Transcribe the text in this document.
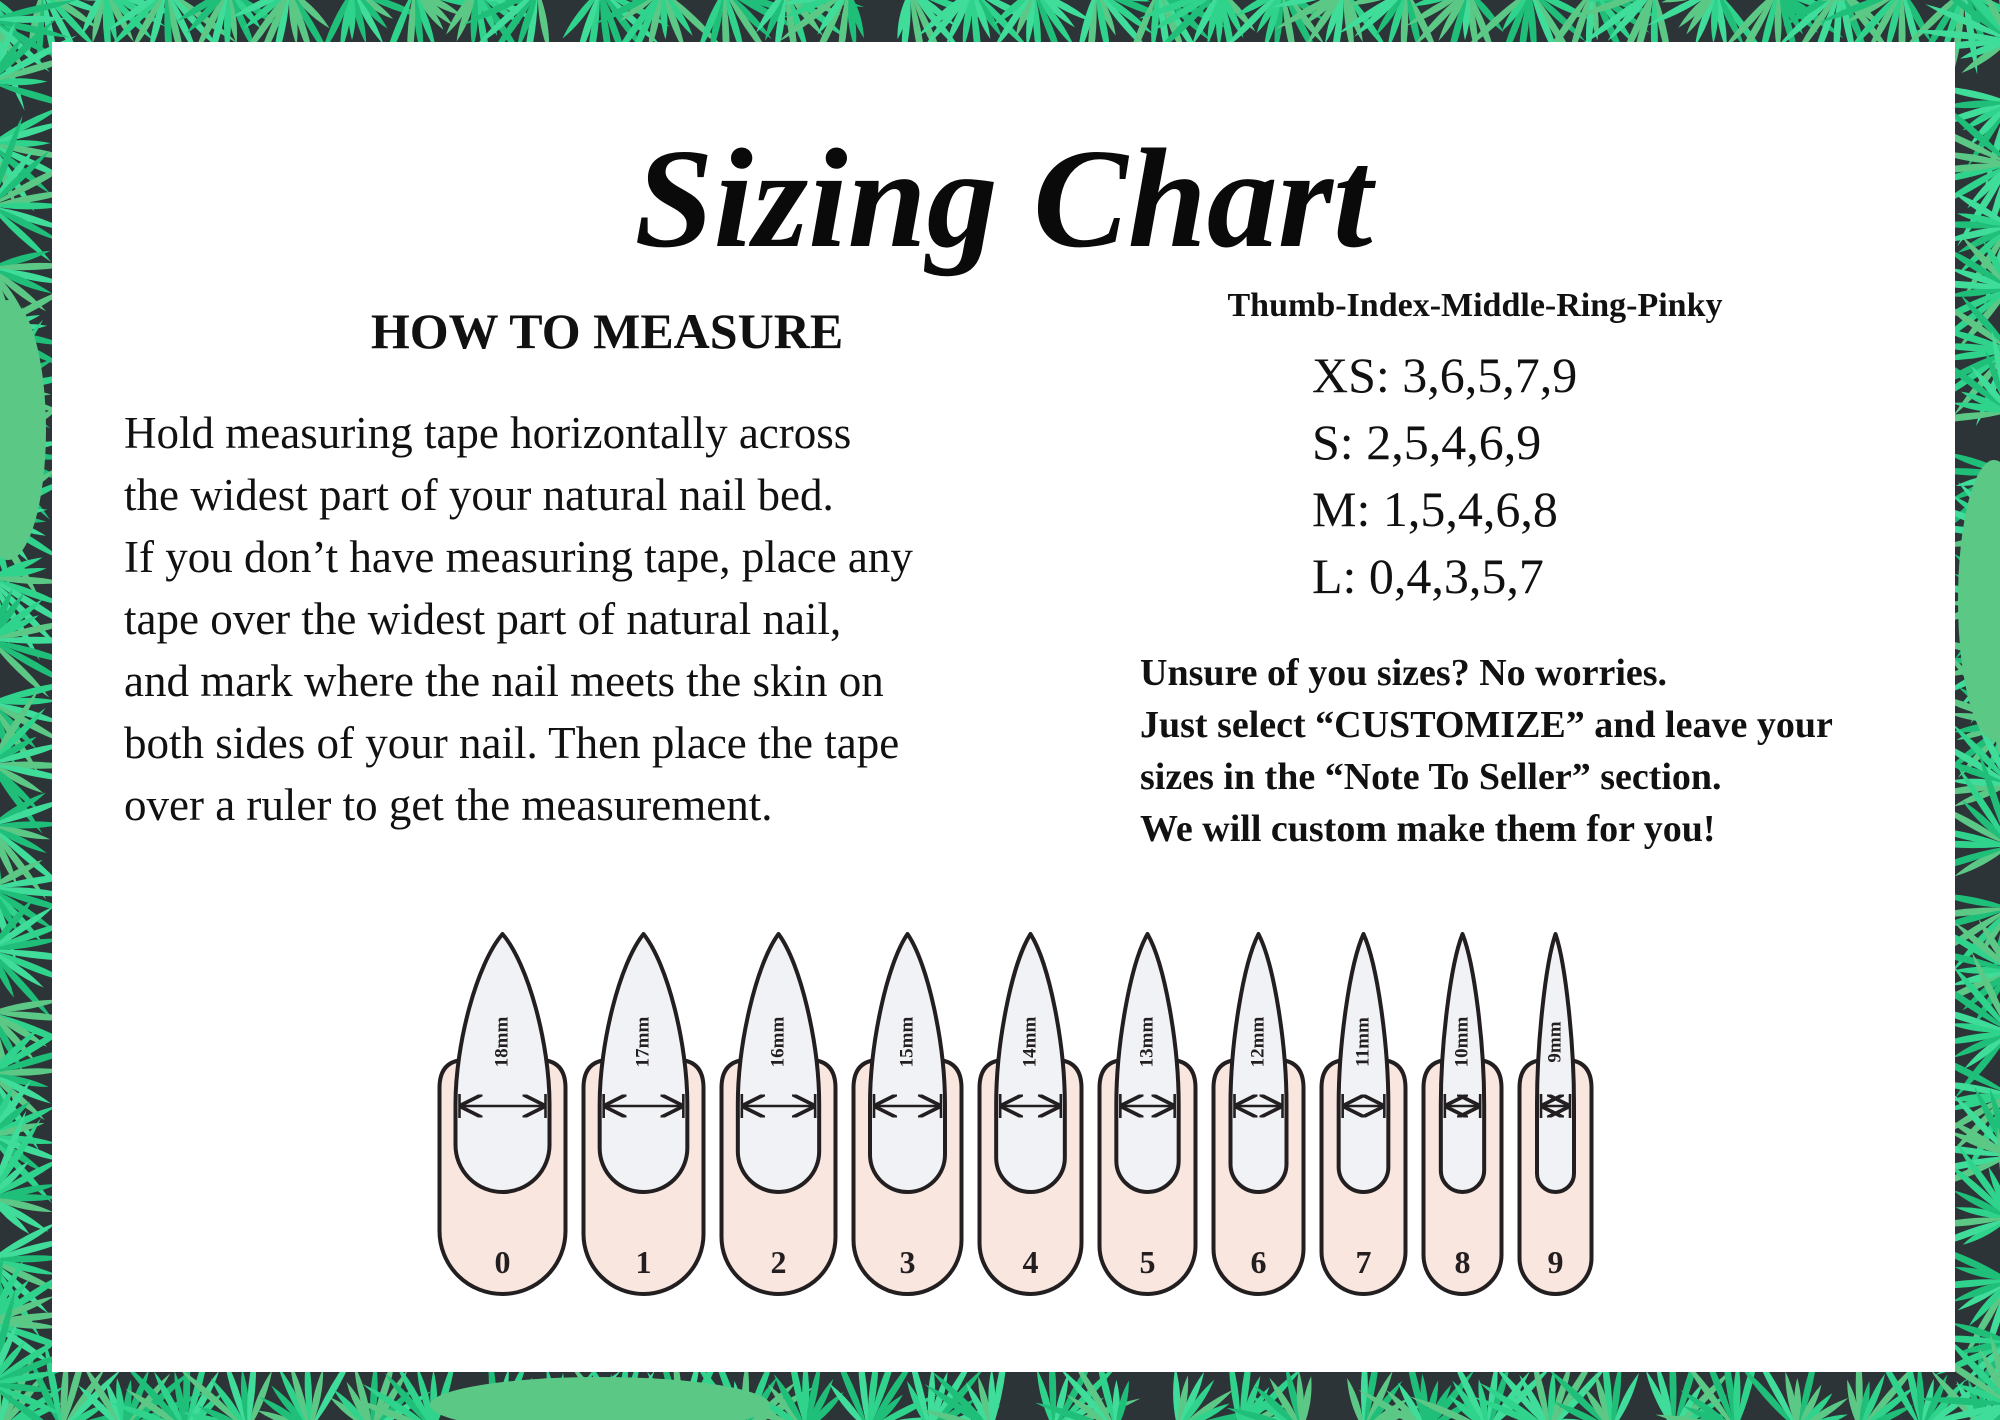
Sizing Chart
HOW TO MEASURE
Hold measuring tape horizontally across
the widest part of your natural nail bed.
If you don’t have measuring tape, place any
tape over the widest part of natural nail,
and mark where the nail meets the skin on
both sides of your nail. Then place the tape
over a ruler to get the measurement.
Thumb-Index-Middle-Ring-Pinky
XS: 3,6,5,7,9
S: 2,5,4,6,9
M: 1,5,4,6,8
L: 0,4,3,5,7
Unsure of you sizes? No worries.
Just select “CUSTOMIZE” and leave your
sizes in the “Note To Seller” section.
We will custom make them for you!
18mm
0
17mm
1
16mm
2
15mm
3
14mm
4
13mm
5
12mm
6
11mm
7
10mm
8
9mm
9
